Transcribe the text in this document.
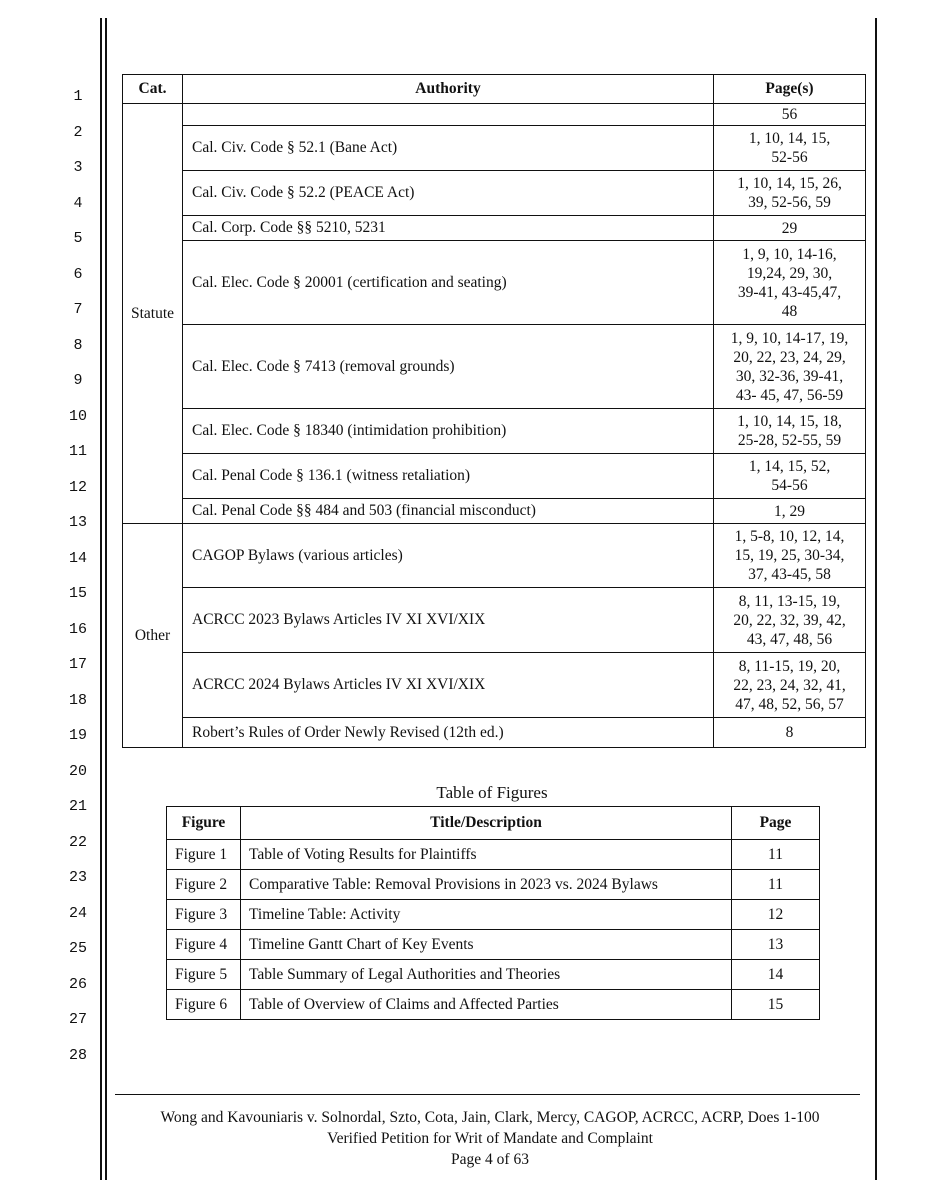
1
2
3
4
5
6
7
8
9
10
11
12
13
14
15
16
17
18
19
20
21
22
23
24
25
26
27
28
Cat.	Authority	Page(s)
Statute		56
	Cal. Civ. Code § 52.1 (Bane Act)	1, 10, 14, 15,
52-56
	Cal. Civ. Code § 52.2 (PEACE Act)	1, 10, 14, 15, 26,
39, 52-56, 59
	Cal. Corp. Code §§ 5210, 5231	29
	Cal. Elec. Code § 20001 (certification and seating)	1, 9, 10, 14-16,
19,24, 29, 30,
39-41, 43-45,47,
48
	Cal. Elec. Code § 7413 (removal grounds)	1, 9, 10, 14-17, 19,
20, 22, 23, 24, 29,
30, 32-36, 39-41,
43- 45, 47, 56-59
	Cal. Elec. Code § 18340 (intimidation prohibition)	1, 10, 14, 15, 18,
25-28, 52-55, 59
	Cal. Penal Code § 136.1 (witness retaliation)	1, 14, 15, 52,
54-56
	Cal. Penal Code §§ 484 and 503 (financial misconduct)	1, 29
Other	CAGOP Bylaws (various articles)	1, 5-8, 10, 12, 14,
15, 19, 25, 30-34,
37, 43-45, 58
	ACRCC 2023 Bylaws Articles IV XI XVI/XIX	8, 11, 13-15, 19,
20, 22, 32, 39, 42,
43, 47, 48, 56
	ACRCC 2024 Bylaws Articles IV XI XVI/XIX	8, 11-15, 19, 20,
22, 23, 24, 32, 41,
47, 48, 52, 56, 57
	Robert’s Rules of Order Newly Revised (12th ed.)	8
Table of Figures
Figure	Title/Description	Page
Figure 1	Table of Voting Results for Plaintiffs	11
Figure 2	Comparative Table: Removal Provisions in 2023 vs. 2024 Bylaws	11
Figure 3	Timeline Table: Activity	12
Figure 4	Timeline Gantt Chart of Key Events	13
Figure 5	Table Summary of Legal Authorities and Theories	14
Figure 6	Table of Overview of Claims and Affected Parties	15
Wong and Kavouniaris v. Solnordal, Szto, Cota, Jain, Clark, Mercy, CAGOP, ACRCC, ACRP, Does 1-100
Verified Petition for Writ of Mandate and Complaint
Page 4 of 63
